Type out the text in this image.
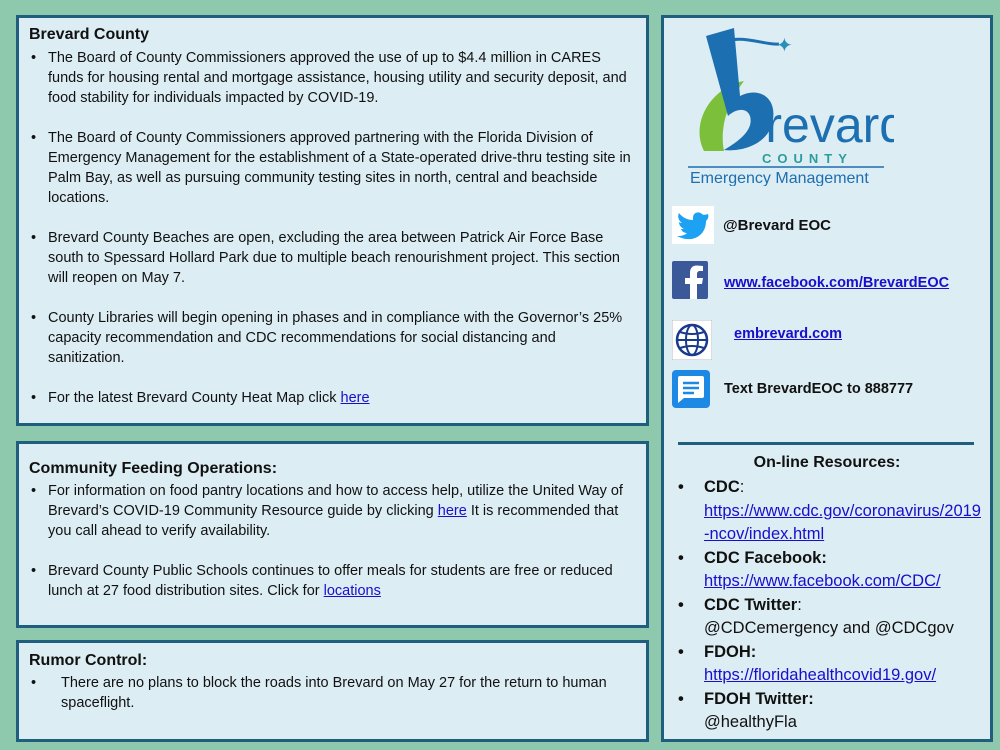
Brevard County
• The Board of County Commissioners approved the use of up to $4.4 million in CARES funds for housing rental and mortgage assistance, housing utility and security deposit, and food stability for individuals impacted by COVID-19.
• The Board of County Commissioners approved partnering with the Florida Division of Emergency Management for the establishment of a State-operated drive-thru testing site in Palm Bay, as well as pursuing community testing sites in north, central and beachside locations.
• Brevard County Beaches are open, excluding the area between Patrick Air Force Base south to Spessard Hollard Park due to multiple beach renourishment project. This section will reopen on May 7.
• County Libraries will begin opening in phases and in compliance with the Governor’s 25% capacity recommendation and CDC recommendations for social distancing and sanitization.
• For the latest Brevard County Heat Map click here
Community Feeding Operations:
• For information on food pantry locations and how to access help, utilize the United Way of Brevard’s COVID-19 Community Resource guide by clicking here It is recommended that you call ahead to verify availability.
• Brevard County Public Schools continues to offer meals for students are free or reduced lunch at 27 food distribution sites. Click for locations
Rumor Control:
• There are no plans to block the roads into Brevard on May 27 for the return to human spaceflight.
✦
Brevard
COUNTY
Emergency Management
@Brevard EOC
www.facebook.com/BrevardEOC
embrevard.com
Text BrevardEOC to 888777
On-line Resources:
• CDC:
https://www.cdc.gov/coronavirus/2019-ncov/index.html
• CDC Facebook:
https://www.facebook.com/CDC/
• CDC Twitter:
@CDCemergency and @CDCgov
• FDOH:
https://floridahealthcovid19.gov/
• FDOH Twitter:
@healthyFla
